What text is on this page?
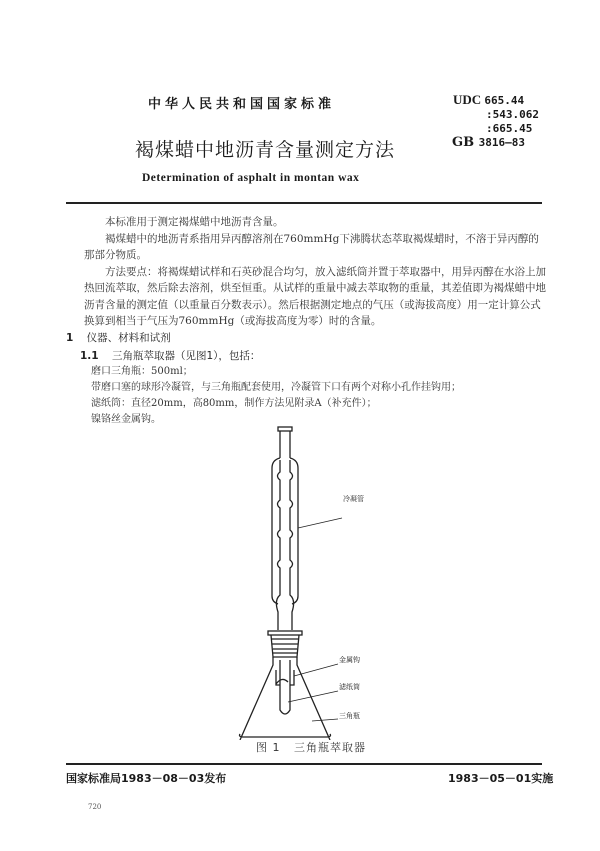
中华人民共和国国家标准	UDC 665.44
:543.062
:665.45
GB 3816—83
褐煤蜡中地沥青含量测定方法
Determination of asphalt in montan wax

本标准用于测定褐煤蜡中地沥青含量。

褐煤蜡中的地沥青系指用异丙醇溶剂在760mmHg下沸腾状态萃取褐煤蜡时，不溶于异丙醇的那部分物质。

方法要点：将褐煤蜡试样和石英砂混合均匀，放入滤纸筒并置于萃取器中，用异丙醇在水浴上加热回流萃取，然后除去溶剂，烘至恒重。从试样的重量中减去萃取物的重量，其差值即为褐煤蜡中地沥青含量的测定值（以重量百分数表示）。然后根据测定地点的气压（或海拔高度）用一定计算公式换算到相当于气压为760mmHg（或海拔高度为零）时的含量。

1 仪器、材料和试剂
1.1 三角瓶萃取器（见图1），包括：
磨口三角瓶：500ml；
带磨口塞的球形冷凝管，与三角瓶配套使用，冷凝管下口有两个对称小孔作挂钩用；
滤纸筒：直径20mm，高80mm，制作方法见附录A（补充件）；
镍铬丝金属钩。
冷凝管
金属钩
滤纸筒
三角瓶
图 1 三角瓶萃取器
国家标准局1983－08－03发布	1983－05－01实施
720
